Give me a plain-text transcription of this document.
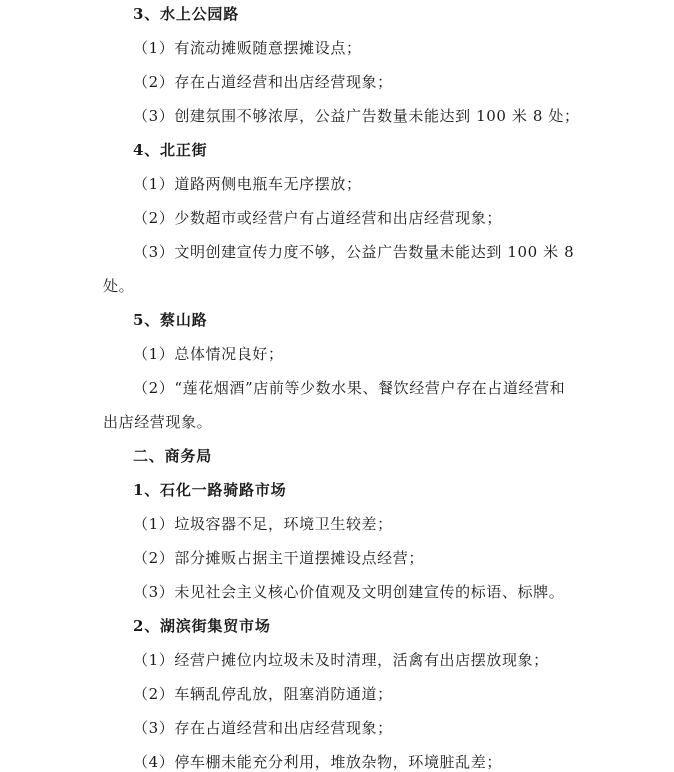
3、水上公园路
（1）有流动摊贩随意摆摊设点；
（2）存在占道经营和出店经营现象；
（3）创建氛围不够浓厚，公益广告数量未能达到 100 米 8 处；
4、北正街
（1）道路两侧电瓶车无序摆放；
（2）少数超市或经营户有占道经营和出店经营现象；
（3）文明创建宣传力度不够，公益广告数量未能达到 100 米 8
处。
5、蔡山路
（1）总体情况良好；
（2）“莲花烟酒”店前等少数水果、餐饮经营户存在占道经营和
出店经营现象。
二、商务局
1、石化一路骑路市场
（1）垃圾容器不足，环境卫生较差；
（2）部分摊贩占据主干道摆摊设点经营；
（3）未见社会主义核心价值观及文明创建宣传的标语、标牌。
2、湖滨街集贸市场
（1）经营户摊位内垃圾未及时清理，活禽有出店摆放现象；
（2）车辆乱停乱放，阻塞消防通道；
（3）存在占道经营和出店经营现象；
（4）停车棚未能充分利用，堆放杂物，环境脏乱差；
